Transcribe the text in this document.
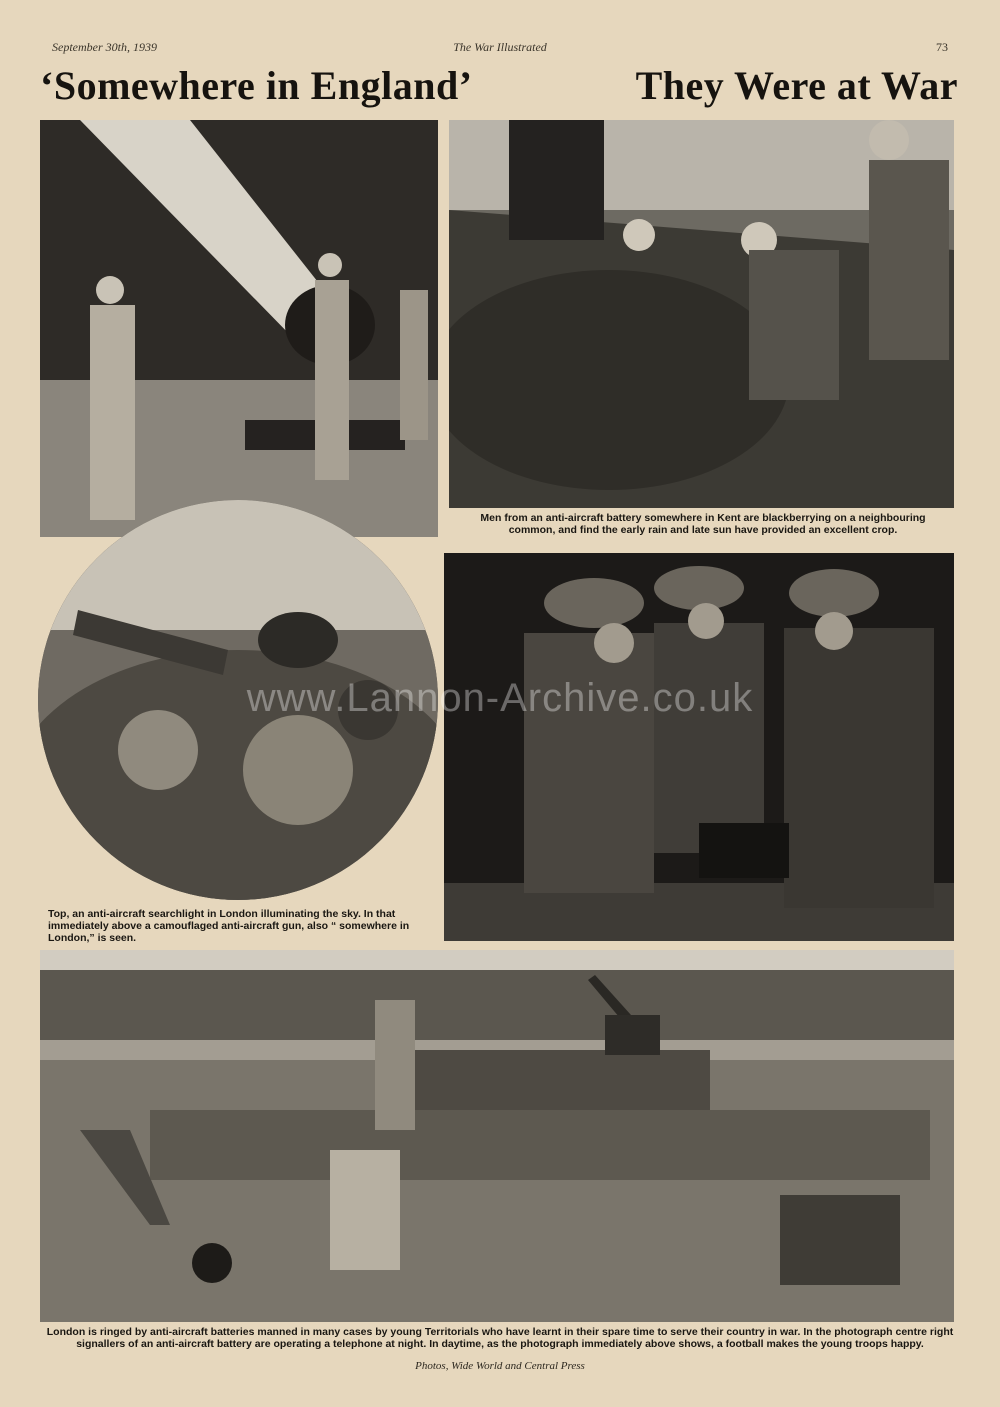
September 30th, 1939	The War Illustrated	73
‘Somewhere in England’	They Were at War
Men from an anti-aircraft battery somewhere in Kent are blackberrying on a neighbouring common, and find the early rain and late sun have provided an excellent crop.
Top, an anti-aircraft searchlight in London illuminating the sky. In that immediately above a camouflaged anti-aircraft gun, also “ somewhere in London,” is seen.
www.Lannon-Archive.co.uk
London is ringed by anti-aircraft batteries manned in many cases by young Territorials who have learnt in their spare time to serve their country in war. In the photograph centre right signallers of an anti-aircraft battery are operating a telephone at night. In daytime, as the photograph immediately above shows, a football makes the young troops happy.
Photos, Wide World and Central Press
